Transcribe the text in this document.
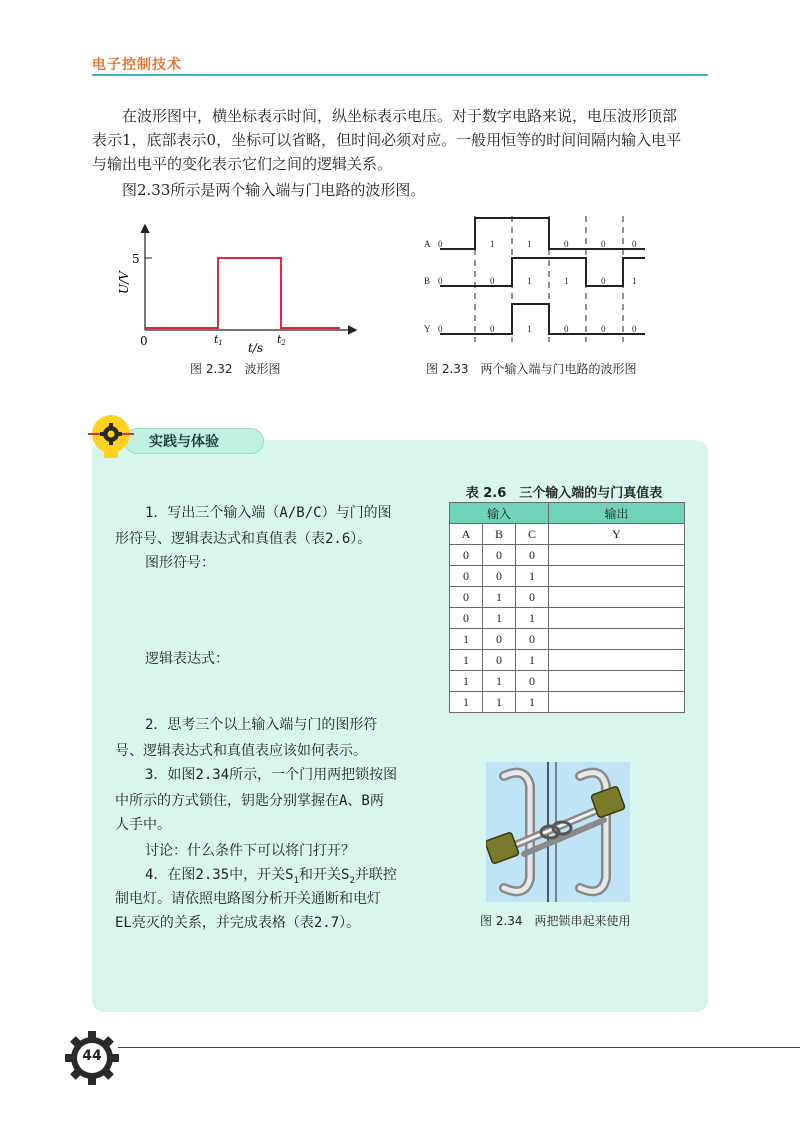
电子控制技术
在波形图中，横坐标表示时间，纵坐标表示电压。对于数字电路来说，电压波形顶部
表示1，底部表示0，坐标可以省略，但时间必须对应。一般用恒等的时间间隔内输入电平
与输出电平的变化表示它们之间的逻辑关系。
图2.33所示是两个输入端与门电路的波形图。
U/V
5
0	t1	t2
t/s
图 2.32　波形图
A 0	1	1	0	0	0
B 0	0	1	1	0	1
Y 0	0	1	0	0	0
图 2.33　两个输入端与门电路的波形图
实践与体验
1．写出三个输入端（A/B/C）与门的图
形符号、逻辑表达式和真值表（表2.6）。
图形符号：
逻辑表达式：
2．思考三个以上输入端与门的图形符
号、逻辑表达式和真值表应该如何表示。
3．如图2.34所示，一个门用两把锁按图
中所示的方式锁住，钥匙分别掌握在A、B两
人手中。
讨论：什么条件下可以将门打开？
4．在图2.35中，开关$S_1$和开关$S_2$并联控
制电灯。请依照电路图分析开关通断和电灯
EL亮灭的关系，并完成表格（表2.7）。
表 2.6　三个输入端的与门真值表
输入			输出
A	B	C	Y
0	0	0	
0	0	1	
0	1	0	
0	1	1	
1	0	0	
1	0	1	
1	1	0	
1	1	1	
图 2.34　两把锁串起来使用
44
